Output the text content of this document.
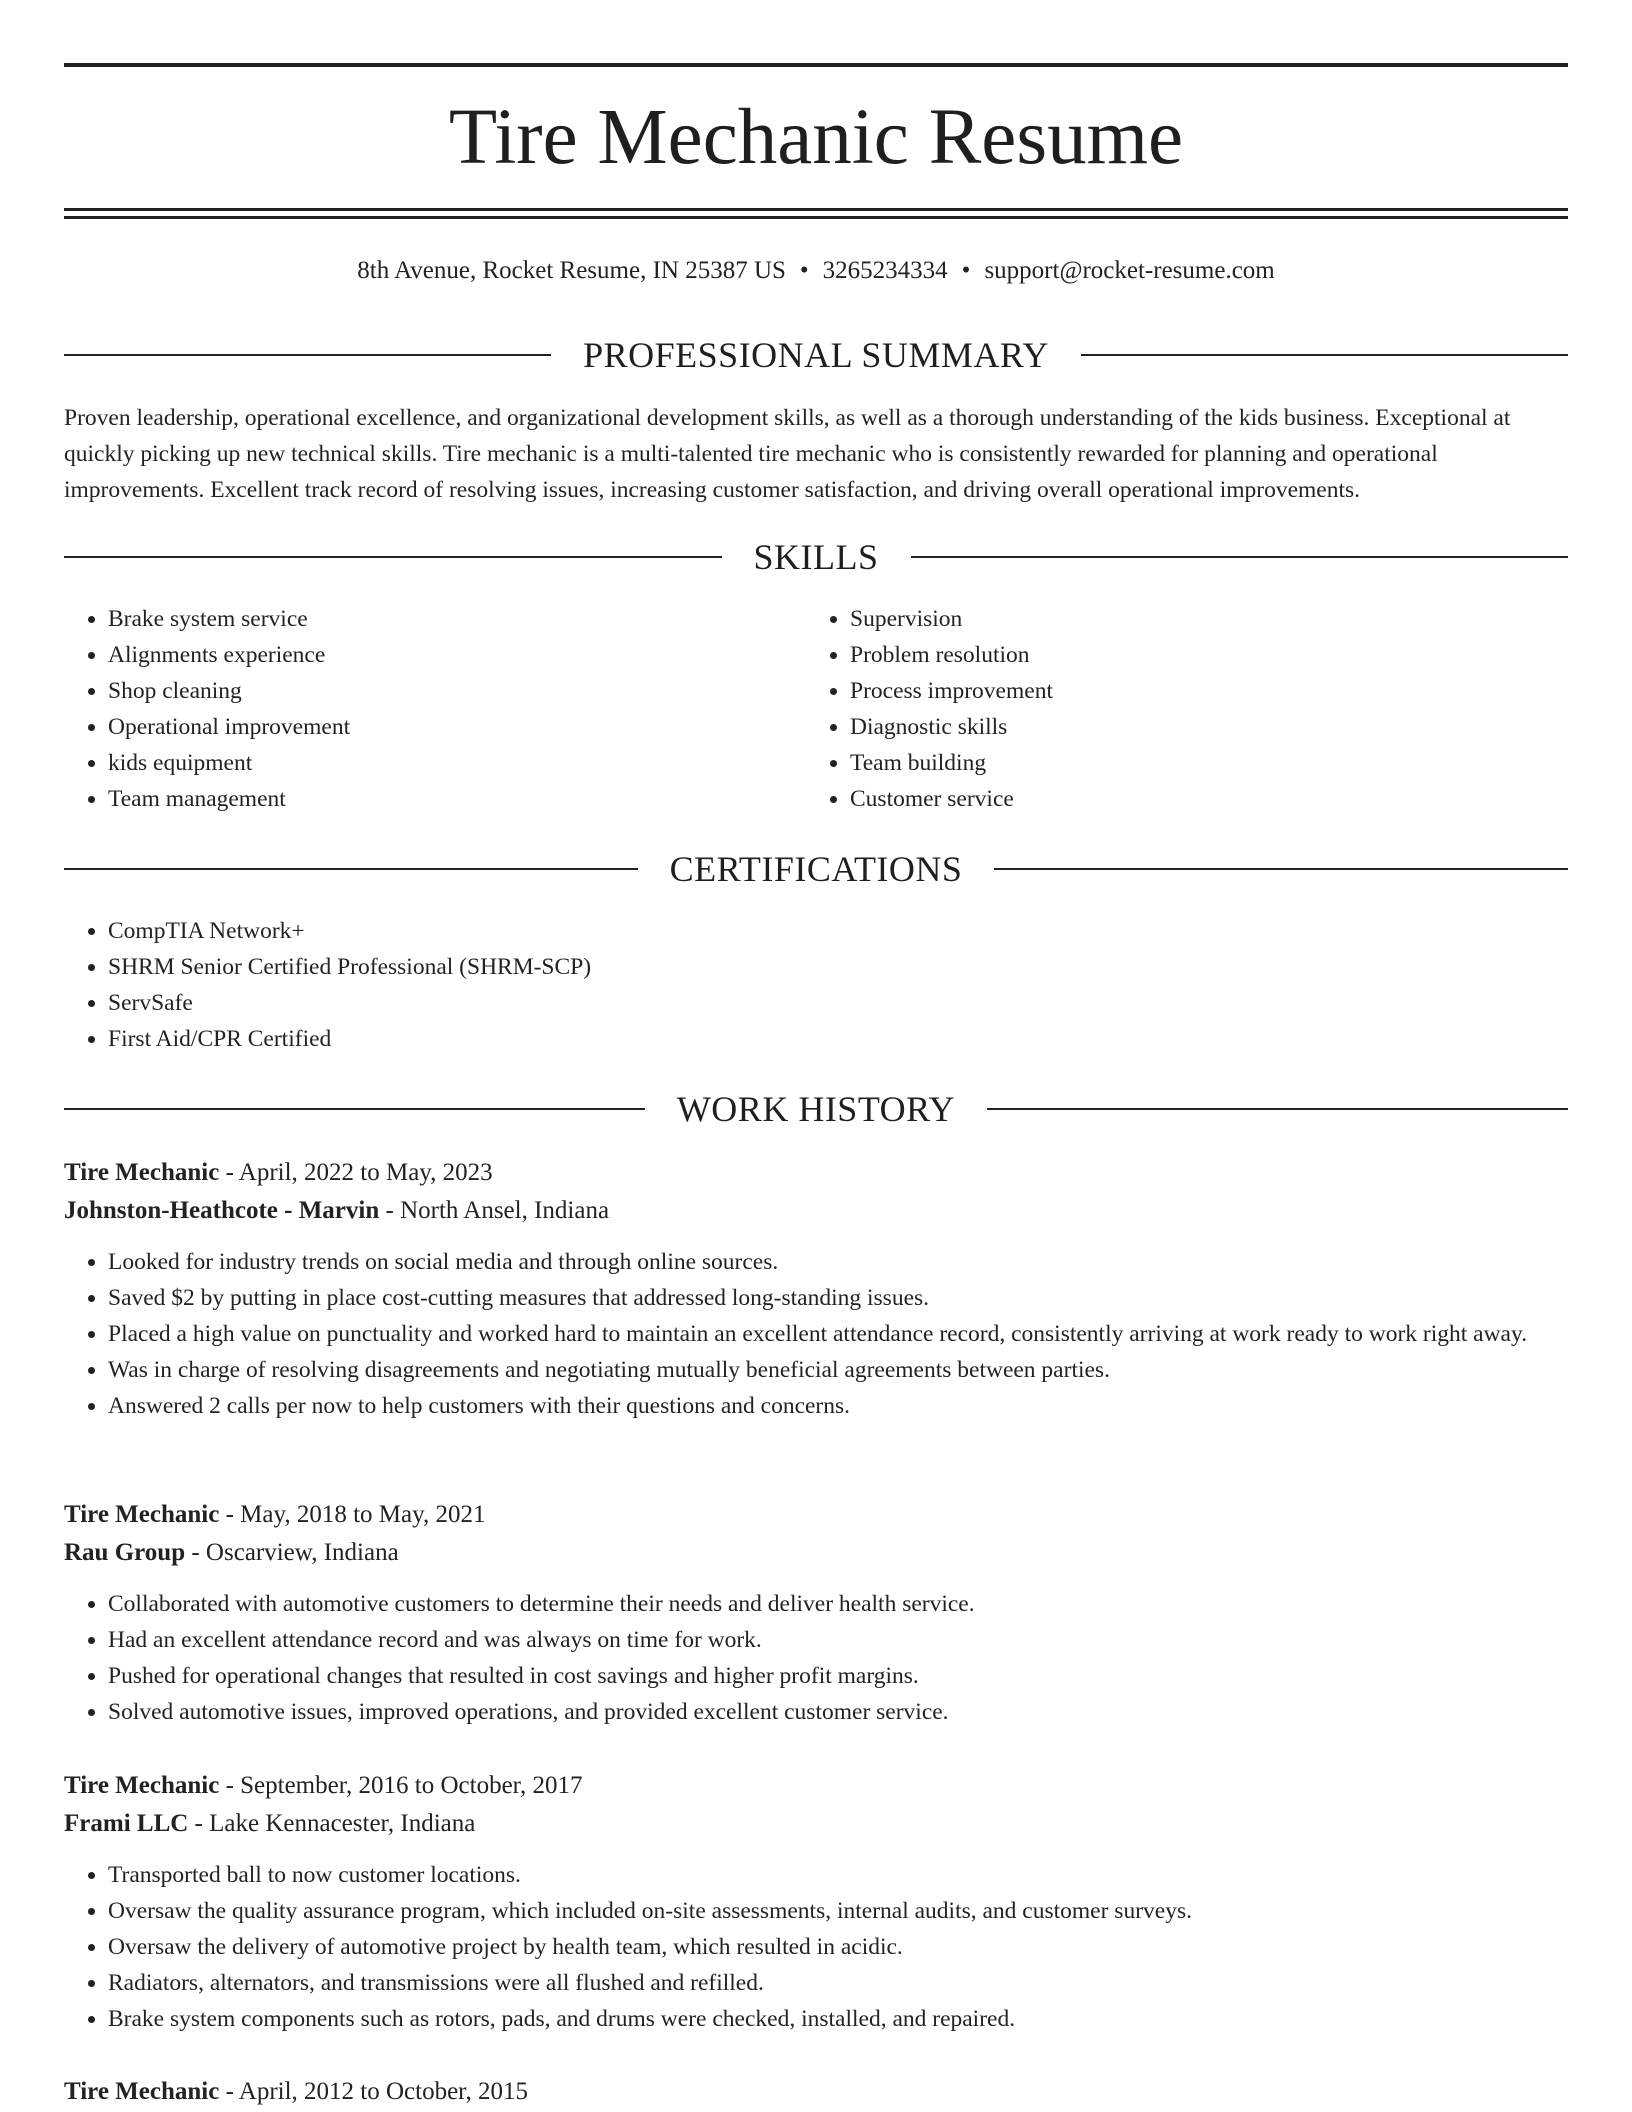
Tire Mechanic Resume
8th Avenue, Rocket Resume, IN 25387 US • 3265234334 • support@rocket-resume.com
PROFESSIONAL SUMMARY

Proven leadership, operational excellence, and organizational development skills, as well as a thorough understanding of the kids business. Exceptional at quickly picking up new technical skills. Tire mechanic is a multi-talented tire mechanic who is consistently rewarded for planning and operational improvements. Excellent track record of resolving issues, increasing customer satisfaction, and driving overall operational improvements.

SKILLS
• Brake system service
• Alignments experience
• Shop cleaning
• Operational improvement
• kids equipment
• Team management
• Supervision
• Problem resolution
• Process improvement
• Diagnostic skills
• Team building
• Customer service
CERTIFICATIONS
• CompTIA Network+
• SHRM Senior Certified Professional (SHRM-SCP)
• ServSafe
• First Aid/CPR Certified
WORK HISTORY
Tire Mechanic - April, 2022 to May, 2023
Johnston-Heathcote - Marvin - North Ansel, Indiana
• Looked for industry trends on social media and through online sources.
• Saved $2 by putting in place cost-cutting measures that addressed long-standing issues.
• Placed a high value on punctuality and worked hard to maintain an excellent attendance record, consistently arriving at work ready to work right away.
• Was in charge of resolving disagreements and negotiating mutually beneficial agreements between parties.
• Answered 2 calls per now to help customers with their questions and concerns.
Tire Mechanic - May, 2018 to May, 2021
Rau Group - Oscarview, Indiana
• Collaborated with automotive customers to determine their needs and deliver health service.
• Had an excellent attendance record and was always on time for work.
• Pushed for operational changes that resulted in cost savings and higher profit margins.
• Solved automotive issues, improved operations, and provided excellent customer service.
Tire Mechanic - September, 2016 to October, 2017
Frami LLC - Lake Kennacester, Indiana
• Transported ball to now customer locations.
• Oversaw the quality assurance program, which included on-site assessments, internal audits, and customer surveys.
• Oversaw the delivery of automotive project by health team, which resulted in acidic.
• Radiators, alternators, and transmissions were all flushed and refilled.
• Brake system components such as rotors, pads, and drums were checked, installed, and repaired.
Tire Mechanic - April, 2012 to October, 2015
